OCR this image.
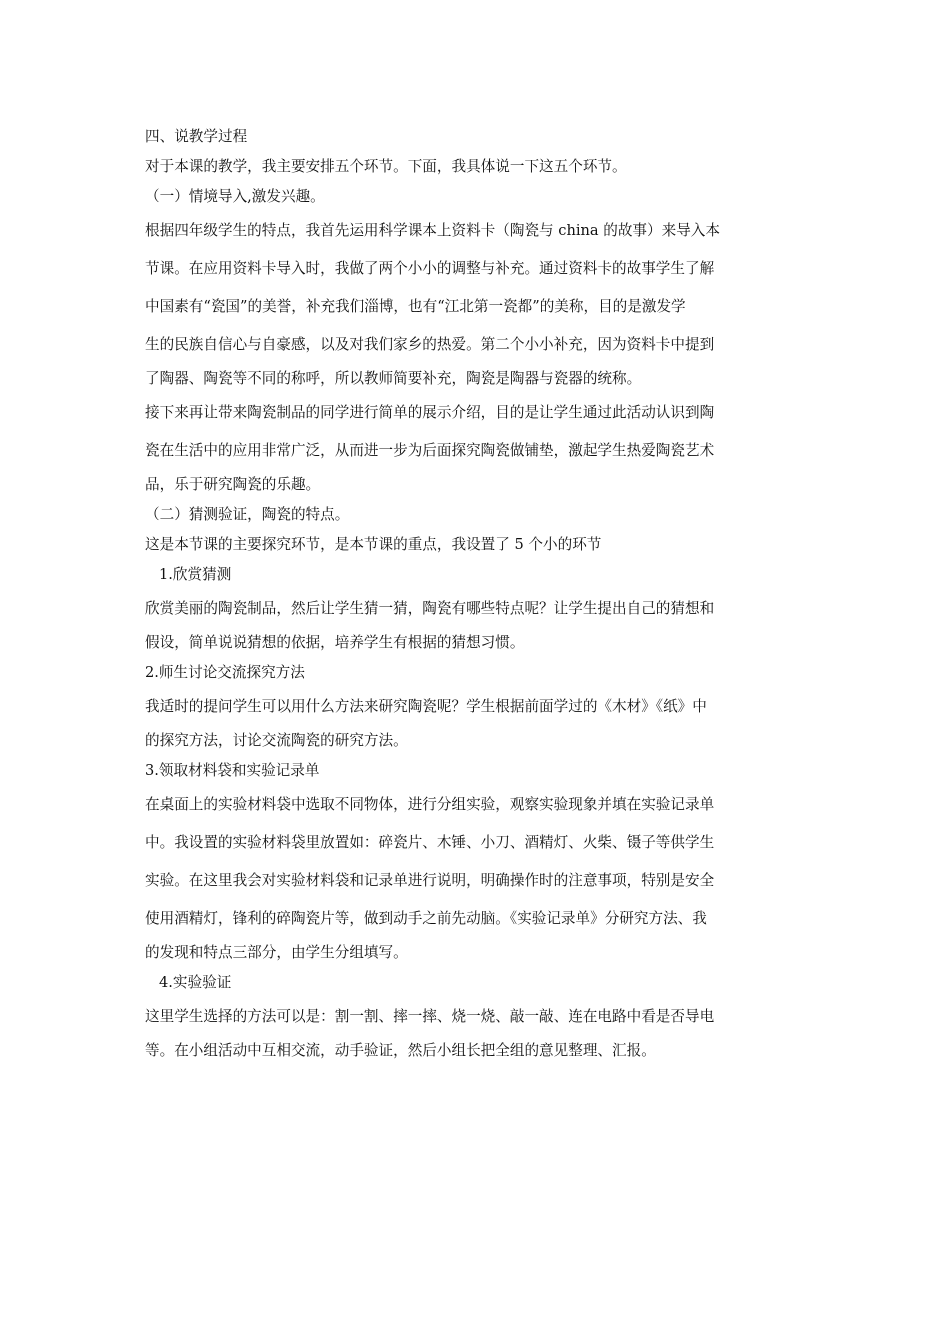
四、说教学过程

对于本课的教学，我主要安排五个环节。下面，我具体说一下这五个环节。

（一）情境导入,激发兴趣。

根据四年级学生的特点，我首先运用科学课本上资料卡（陶瓷与 china 的故事）来导入本

节课。在应用资料卡导入时，我做了两个小小的调整与补充。通过资料卡的故事学生了解

中国素有“瓷国”的美誉，补充我们淄博，也有“江北第一瓷都”的美称，目的是激发学

生的民族自信心与自豪感，以及对我们家乡的热爱。第二个小小补充，因为资料卡中提到

了陶器、陶瓷等不同的称呼，所以教师简要补充，陶瓷是陶器与瓷器的统称。

接下来再让带来陶瓷制品的同学进行简单的展示介绍，目的是让学生通过此活动认识到陶

瓷在生活中的应用非常广泛，从而进一步为后面探究陶瓷做铺垫，激起学生热爱陶瓷艺术

品，乐于研究陶瓷的乐趣。

（二）猜测验证，陶瓷的特点。

这是本节课的主要探究环节，是本节课的重点，我设置了 5 个小的环节

1.欣赏猜测

欣赏美丽的陶瓷制品，然后让学生猜一猜，陶瓷有哪些特点呢？让学生提出自己的猜想和

假设，简单说说猜想的依据，培养学生有根据的猜想习惯。

2.师生讨论交流探究方法

我适时的提问学生可以用什么方法来研究陶瓷呢？学生根据前面学过的《木材》《纸》中

的探究方法，讨论交流陶瓷的研究方法。

3.领取材料袋和实验记录单

在桌面上的实验材料袋中选取不同物体，进行分组实验，观察实验现象并填在实验记录单

中。我设置的实验材料袋里放置如：碎瓷片、木锤、小刀、酒精灯、火柴、镊子等供学生

实验。在这里我会对实验材料袋和记录单进行说明，明确操作时的注意事项，特别是安全

使用酒精灯，锋利的碎陶瓷片等，做到动手之前先动脑。《实验记录单》分研究方法、我

的发现和特点三部分，由学生分组填写。

4.实验验证

这里学生选择的方法可以是：割一割、摔一摔、烧一烧、敲一敲、连在电路中看是否导电

等。在小组活动中互相交流，动手验证，然后小组长把全组的意见整理、汇报。
